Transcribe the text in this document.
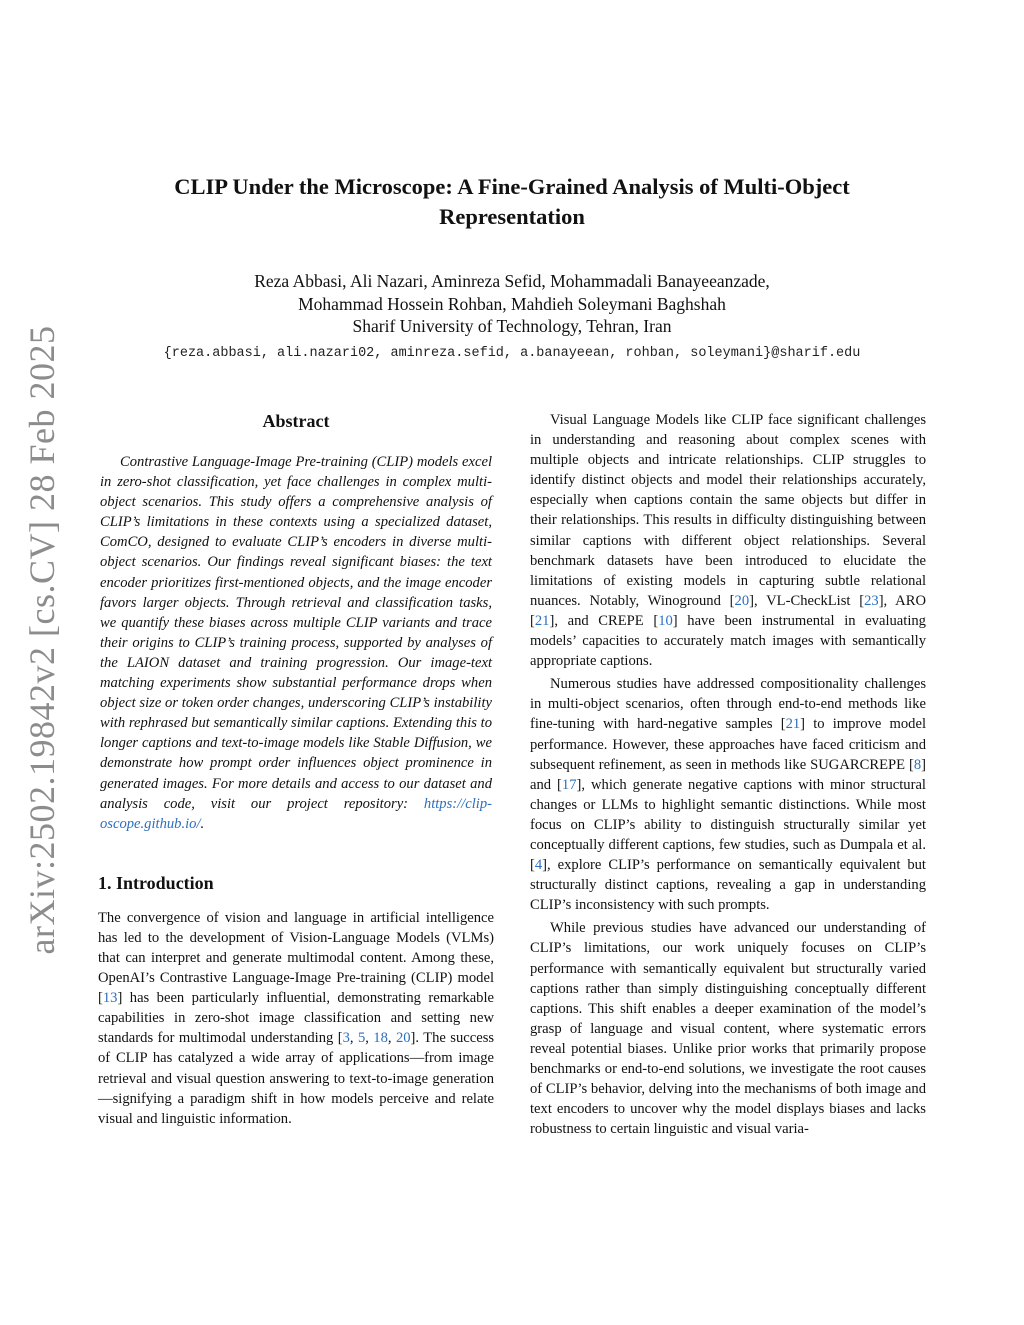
arXiv:2502.19842v2 [cs.CV] 28 Feb 2025
CLIP Under the Microscope: A Fine-Grained Analysis of Multi-Object
Representation
Reza Abbasi, Ali Nazari, Aminreza Sefid, Mohammadali Banayeeanzade,
Mohammad Hossein Rohban, Mahdieh Soleymani Baghshah
Sharif University of Technology, Tehran, Iran
{reza.abbasi, ali.nazari02, aminreza.sefid, a.banayeean, rohban, soleymani}@sharif.edu
Abstract

Contrastive Language-Image Pre-training (CLIP) models excel in zero-shot classification, yet face challenges in complex multi-object scenarios. This study offers a comprehensive analysis of CLIP’s limitations in these contexts using a specialized dataset, ComCO, designed to evaluate CLIP’s encoders in diverse multi-object scenarios. Our findings reveal significant biases: the text encoder prioritizes first-mentioned objects, and the image encoder favors larger objects. Through retrieval and classification tasks, we quantify these biases across multiple CLIP variants and trace their origins to CLIP’s training process, supported by analyses of the LAION dataset and training progression. Our image-text matching experiments show substantial performance drops when object size or token order changes, underscoring CLIP’s instability with rephrased but semantically similar captions. Extending this to longer captions and text-to-image models like Stable Diffusion, we demonstrate how prompt order influences object prominence in generated images. For more details and access to our dataset and analysis code, visit our project repository: https://clip-oscope.github.io/.

1. Introduction

The convergence of vision and language in artificial intelligence has led to the development of Vision-Language Models (VLMs) that can interpret and generate multimodal content. Among these, OpenAI’s Contrastive Language-Image Pre-training (CLIP) model [13] has been particularly influential, demonstrating remarkable capabilities in zero-shot image classification and setting new standards for multimodal understanding [3, 5, 18, 20]. The success of CLIP has catalyzed a wide array of applications—from image retrieval and visual question answering to text-to-image generation—signifying a paradigm shift in how models perceive and relate visual and linguistic information.

Visual Language Models like CLIP face significant challenges in understanding and reasoning about complex scenes with multiple objects and intricate relationships. CLIP struggles to identify distinct objects and model their relationships accurately, especially when captions contain the same objects but differ in their relationships. This results in difficulty distinguishing between similar captions with different object relationships. Several benchmark datasets have been introduced to elucidate the limitations of existing models in capturing subtle relational nuances. Notably, Winoground [20], VL-CheckList [23], ARO [21], and CREPE [10] have been instrumental in evaluating models’ capacities to accurately match images with semantically appropriate captions.

Numerous studies have addressed compositionality challenges in multi-object scenarios, often through end-to-end methods like fine-tuning with hard-negative samples [21] to improve model performance. However, these approaches have faced criticism and subsequent refinement, as seen in methods like SUGARCREPE [8] and [17], which generate negative captions with minor structural changes or LLMs to highlight semantic distinctions. While most focus on CLIP’s ability to distinguish structurally similar yet conceptually different captions, few studies, such as Dumpala et al. [4], explore CLIP’s performance on semantically equivalent but structurally distinct captions, revealing a gap in understanding CLIP’s inconsistency with such prompts.

While previous studies have advanced our understanding of CLIP’s limitations, our work uniquely focuses on CLIP’s performance with semantically equivalent but structurally varied captions rather than simply distinguishing conceptually different captions. This shift enables a deeper examination of the model’s grasp of language and visual content, where systematic errors reveal potential biases. Unlike prior works that primarily propose benchmarks or end-to-end solutions, we investigate the root causes of CLIP’s behavior, delving into the mechanisms of both image and text encoders to uncover why the model displays biases and lacks robustness to certain linguistic and visual varia-
